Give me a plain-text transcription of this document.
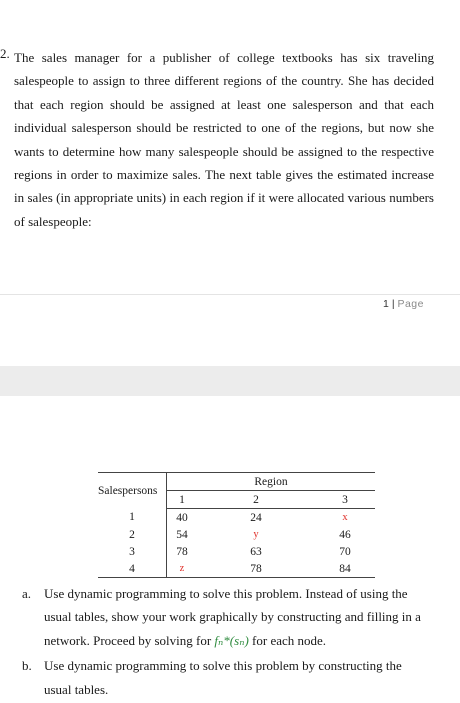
2. The sales manager for a publisher of college textbooks has six traveling salespeople to assign to three different regions of the country. She has decided that each region should be assigned at least one salesperson and that each individual salesperson should be restricted to one of the regions, but now she wants to determine how many salespeople should be assigned to the respective regions in order to maximize sales. The next table gives the estimated increase in sales (in appropriate units) in each region if it were allocated various numbers of salespeople:

1 | Page
Salespersons	Region		
	1	2	3
1	40	24	x
2	54	y	46
3	78	63	70
4	z	78	84
a. Use dynamic programming to solve this problem. Instead of using the usual tables, show your work graphically by constructing and filling in a network. Proceed by solving for fₙ*(sₙ) for each node.
b. Use dynamic programming to solve this problem by constructing the usual tables.
